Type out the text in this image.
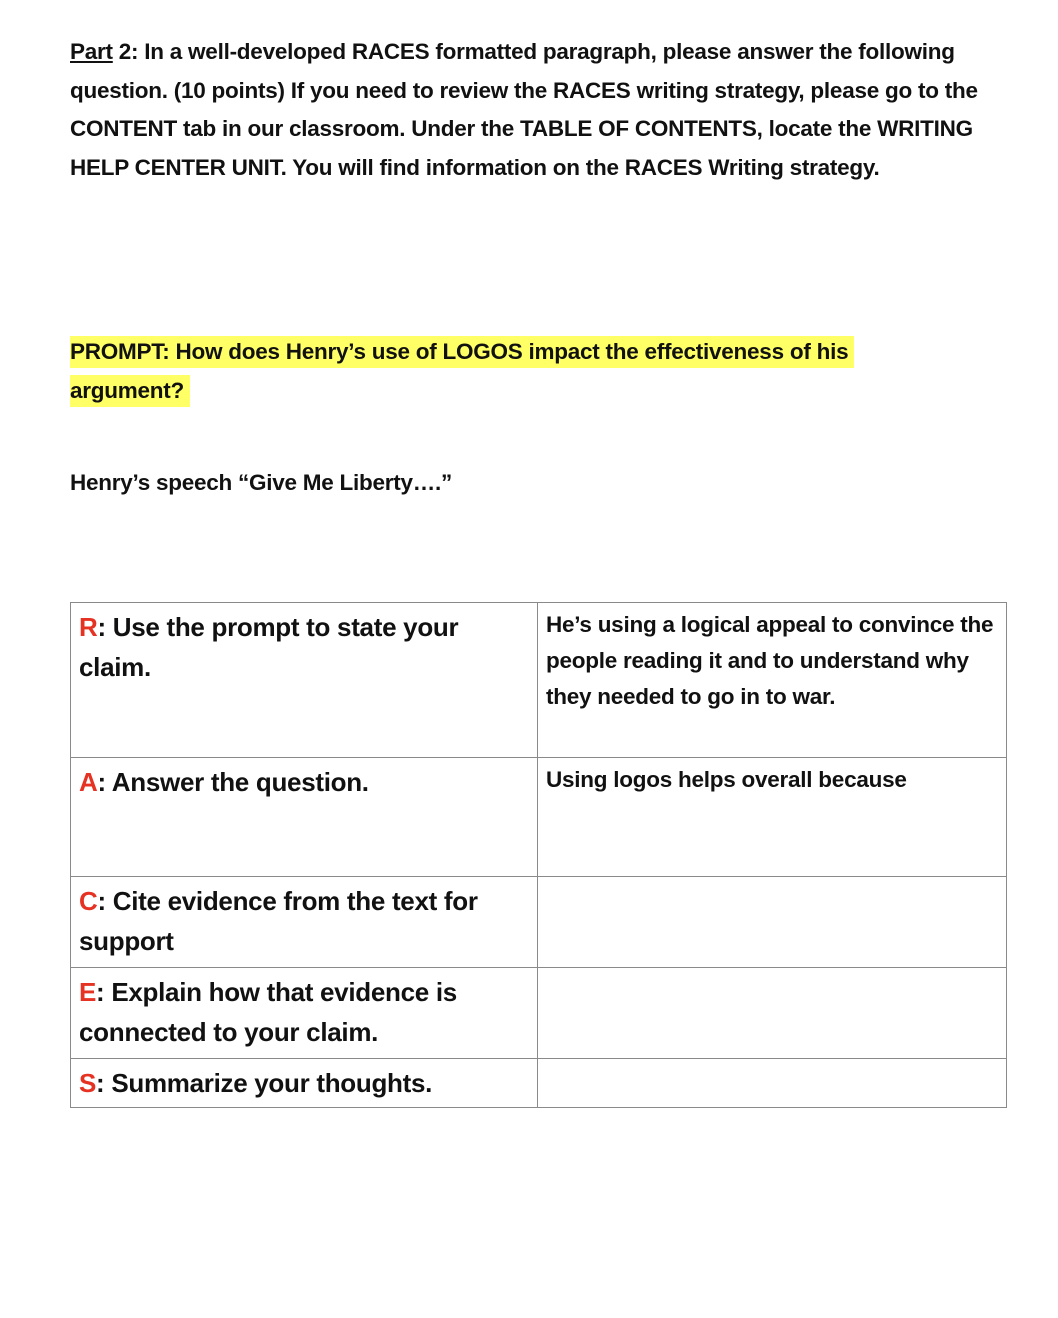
Part 2: In a well-developed RACES formatted paragraph, please answer the following question. (10 points) If you need to review the RACES writing strategy, please go to the CONTENT tab in our classroom. Under the TABLE OF CONTENTS, locate the WRITING HELP CENTER UNIT. You will find information on the RACES Writing strategy.

PROMPT: How does Henry’s use of LOGOS impact the effectiveness of his argument?

Henry’s speech “Give Me Liberty….”

R: Use the prompt to state your claim.	He’s using a logical appeal to convince the people reading it and to understand why they needed to go in to war.
A: Answer the question.	Using logos helps overall because
C: Cite evidence from the text for support	
E: Explain how that evidence is connected to your claim.	
S: Summarize your thoughts.	
